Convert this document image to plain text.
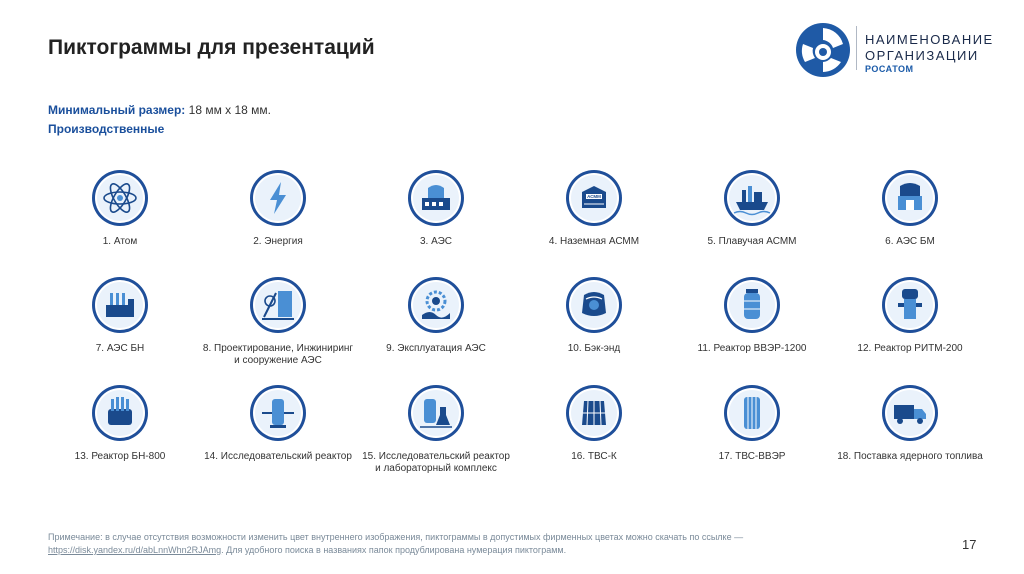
Пиктограммы для презентаций	НАИМЕНОВАНИЕ
ОРГАНИЗАЦИИ
РОСАТОМ
Минимальный размер: 18 мм x 18 мм.
Производственные
1. Атом	2. Энергия	3. АЭС
АСММ
4. Наземная АСММ	5. Плавучая АСММ	6. АЭС БМ
7. АЭС БН	8. Проектирование, Инжиниринг и сооружение АЭС
9. Эксплуатация АЭС	10. Бэк-энд	11. Реактор ВВЭР-1200	12. Реактор РИТМ-200
13. Реактор БН-800	14. Исследовательский реактор	15. Исследовательский реактор и лабораторный комплекс
16. ТВС-К	17. ТВС-ВВЭР	18. Поставка ядерного топлива
Примечание: в случае отсутствия возможности изменить цвет внутреннего изображения, пиктограммы в допустимых фирменных цветах можно скачать по ссылке — https://disk.yandex.ru/d/abLnnWhn2RJAmg. Для удобного поиска в названиях папок продублирована нумерация пиктограмм.	17
